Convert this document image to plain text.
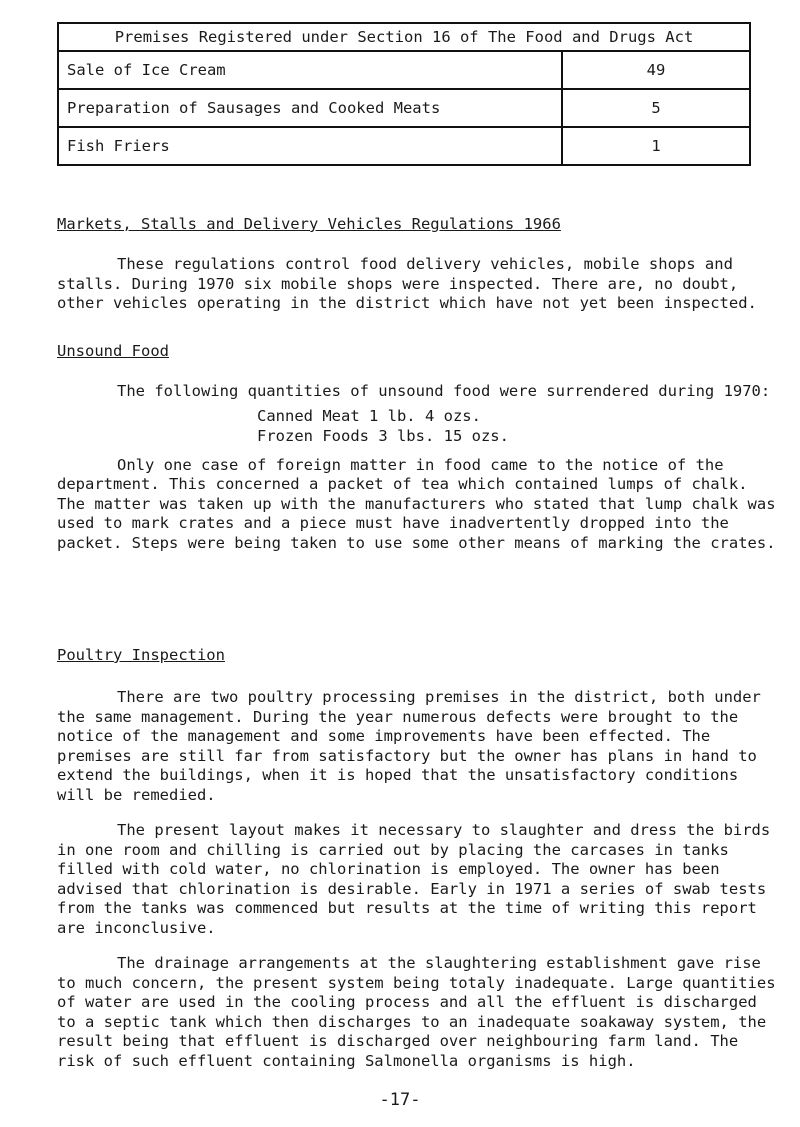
Premises Registered under Section 16 of The Food and Drugs Act	
Sale of Ice Cream	49
Preparation of Sausages and Cooked Meats	5
Fish Friers	1
Markets, Stalls and Delivery Vehicles Regulations 1966

These regulations control food delivery vehicles, mobile shops and stalls. During 1970 six mobile shops were inspected. There are, no doubt, other vehicles operating in the district which have not yet been inspected.

Unsound Food

The following quantities of unsound food were surrendered during 1970:

Canned Meat 1 lb. 4 ozs.
Frozen Foods 3 lbs. 15 ozs.

Only one case of foreign matter in food came to the notice of the department. This concerned a packet of tea which contained lumps of chalk. The matter was taken up with the manufacturers who stated that lump chalk was used to mark crates and a piece must have inadvertently dropped into the packet. Steps were being taken to use some other means of marking the crates.

Poultry Inspection

There are two poultry processing premises in the district, both under the same management. During the year numerous defects were brought to the notice of the management and some improvements have been effected. The premises are still far from satisfactory but the owner has plans in hand to extend the buildings, when it is hoped that the unsatisfactory conditions will be remedied.

The present layout makes it necessary to slaughter and dress the birds in one room and chilling is carried out by placing the carcases in tanks filled with cold water, no chlorination is employed. The owner has been advised that chlorination is desirable. Early in 1971 a series of swab tests from the tanks was commenced but results at the time of writing this report are inconclusive.

The drainage arrangements at the slaughtering establishment gave rise to much concern, the present system being totaly inadequate. Large quantities of water are used in the cooling process and all the effluent is discharged to a septic tank which then discharges to an inadequate soakaway system, the result being that effluent is discharged over neighbouring farm land. The risk of such effluent containing Salmonella organisms is high.

-17-
